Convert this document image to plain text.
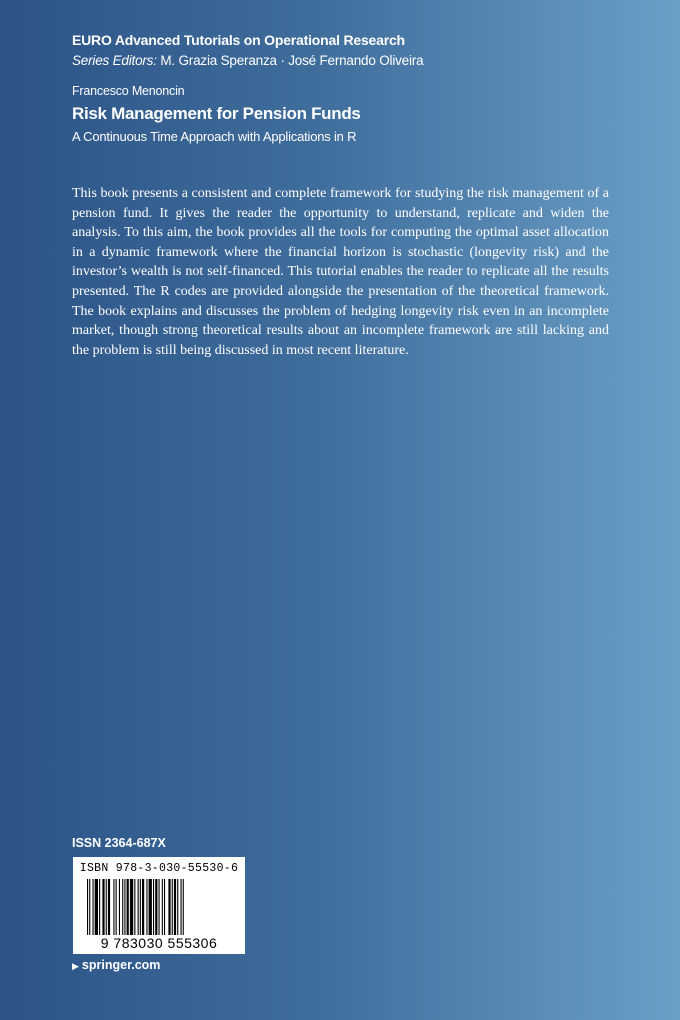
EURO Advanced Tutorials on Operational Research
Series Editors: M. Grazia Speranza · José Fernando Oliveira
Francesco Menoncin
Risk Management for Pension Funds
A Continuous Time Approach with Applications in R

This book presents a consistent and complete framework for studying the risk management of a pension fund. It gives the reader the opportunity to understand, replicate and widen the analysis. To this aim, the book provides all the tools for computing the optimal asset allocation in a dynamic framework where the financial horizon is stochastic (longevity risk) and the investor’s wealth is not self-financed. This tutorial enables the reader to replicate all the results presented. The R codes are provided alongside the presentation of the theoretical framework. The book explains and discusses the problem of hedging longevity risk even in an incomplete market, though strong theoretical results about an incomplete framework are still lacking and the problem is still being discussed in most recent literature.

ISSN 2364-687X
ISBN 978-3-030-55530-6
9 783030 555306
▶ springer.com
